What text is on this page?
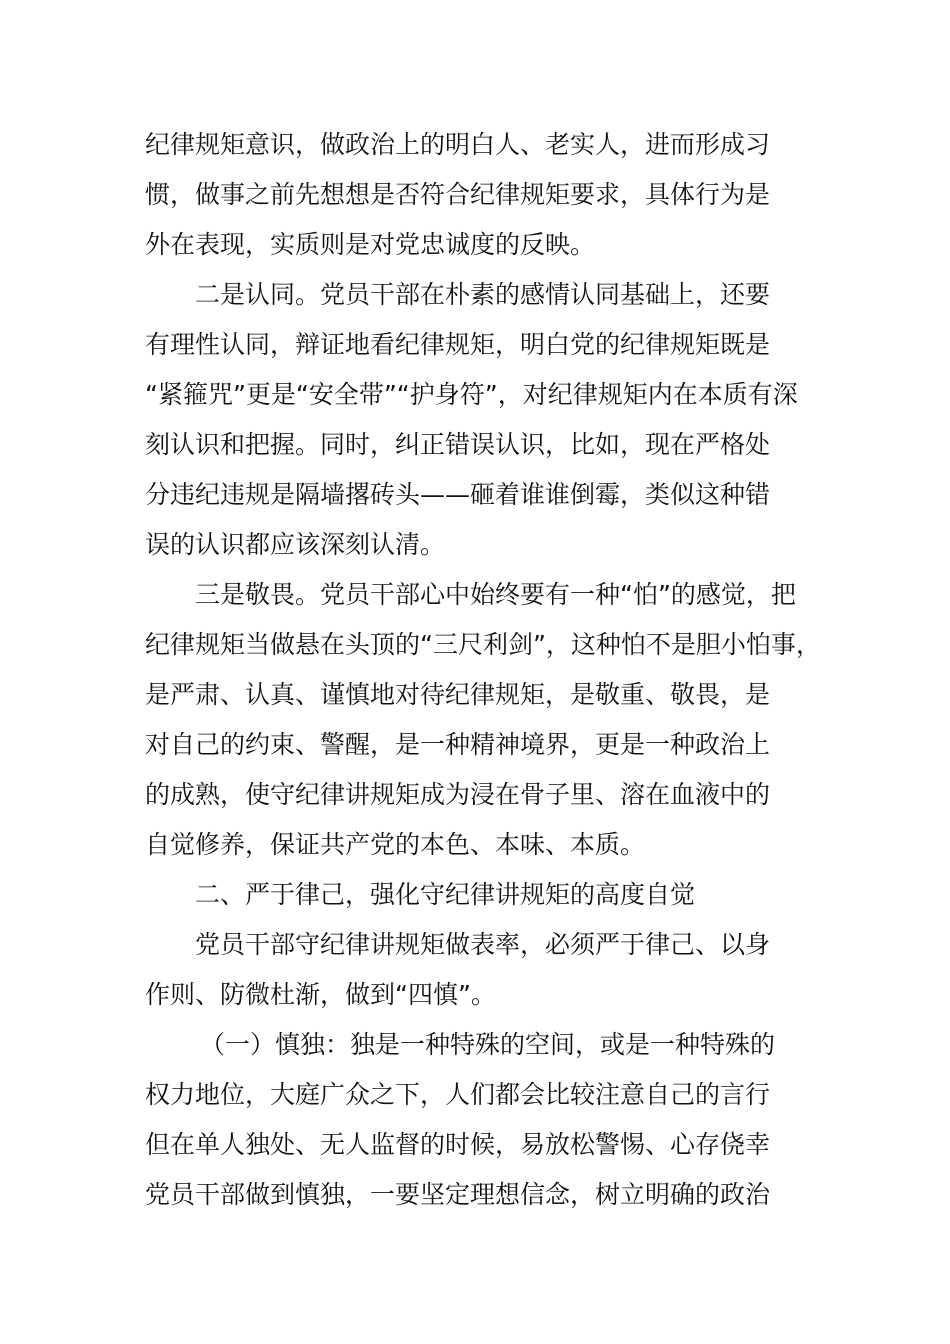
纪律规矩意识，做政治上的明白人、老实人，进而形成习
惯，做事之前先想想是否符合纪律规矩要求，具体行为是
外在表现，实质则是对党忠诚度的反映。
二是认同。党员干部在朴素的感情认同基础上，还要
有理性认同，辩证地看纪律规矩，明白党的纪律规矩既是
“紧箍咒”更是“安全带”“护身符”，对纪律规矩内在本质有深
刻认识和把握。同时，纠正错误认识，比如，现在严格处
分违纪违规是隔墙撂砖头——砸着谁谁倒霉，类似这种错
误的认识都应该深刻认清。
三是敬畏。党员干部心中始终要有一种“怕”的感觉，把
纪律规矩当做悬在头顶的“三尺利剑”，这种怕不是胆小怕事，
是严肃、认真、谨慎地对待纪律规矩，是敬重、敬畏，是
对自己的约束、警醒，是一种精神境界，更是一种政治上
的成熟，使守纪律讲规矩成为浸在骨子里、溶在血液中的
自觉修养，保证共产党的本色、本味、本质。
二、严于律己，强化守纪律讲规矩的高度自觉
党员干部守纪律讲规矩做表率，必须严于律己、以身
作则、防微杜渐，做到“四慎”。
（一）慎独：独是一种特殊的空间，或是一种特殊的
权力地位，大庭广众之下，人们都会比较注意自己的言行
但在单人独处、无人监督的时候，易放松警惕、心存侥幸
党员干部做到慎独，一要坚定理想信念，树立明确的政治
